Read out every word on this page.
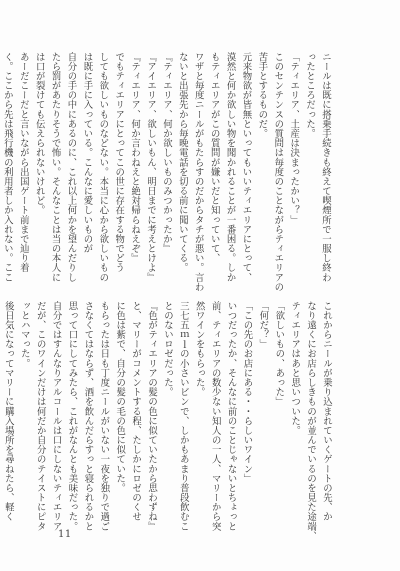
ニールは既に搭乗手続きも終えて喫煙所で一服し終わ
ったところだった。
「ティエリア、土産は決まったかい？」
このセンテンスの質問は毎度のことながらティエリアの
苦手とするものだ。
元来物欲が皆無といってもいいティエリアにとって、
漠然と何か欲しい物を聞かれることが一番困る。しか
もティエリアがこの質問が嫌いだと知っていて、
ワザと毎度ニールがもたらすのだからタチが悪い。言わ
ないと出張先から毎晩電話を切る前に聞いてくる。
『ティエリア、何か欲しいものみつかったか』
『アイエリア、欲しいもん、明日までに考えとけよ』
『ティエリア、何か言わねえと絶対帰らねえぞ』
でもティエリアにとってこの世に存在する物でどう
しても欲しいものなどない。本当に心から欲しいもの
は既に手に入っている。こんなに愛しいものが
自分の手の中にあるのに、これ以上何かを望んだりし
たら罰があたりそうで怖い。そんなことは当の本人に
は口が裂けても伝えられないけれど。
あーだこーだと言いながら出国ゲート前まで辿り着
く。ここから先は飛行機の利用者しか入れない。ここ
これからニールが乗り込まれていくゲートの先、か
なり遠くにお店らしきものが並んでいるのを見た途端、
ティエリアはあと思いついた。
「欲しいもの、あった」
「何だ？」
「この先のお店にある・・らしいワイン」
いつだったか、そんなに前のことじゃないとちょっと
前、ティエリアの数少ない知人の一人、マリーから突
然ワインをもらった。
三七五ｍｌの小さいビンで、しかもあまり普段飲むこ
とのないロゼだった。
『色がティエリアの髪の色に似ていたから思わずね』
と、マリーがコメントする程、たしかにロゼのくせ
に色は紫で、自分の髪の毛の色に似ていた。
もらったは日も丁度ニールがいない一夜を独りで過ご
さなくてはならず、酒を飲んだらすっと寝られるかと
思って口にしてみたら、これがなんとも美味だった。
自分ではすんなりアルコールは口にしないティエリア
だが、このワインだけは何だか自分のテイストにピタ
ッとハマった。
後日気になってマリーに購入場所を尋ねたら、軽く
11
